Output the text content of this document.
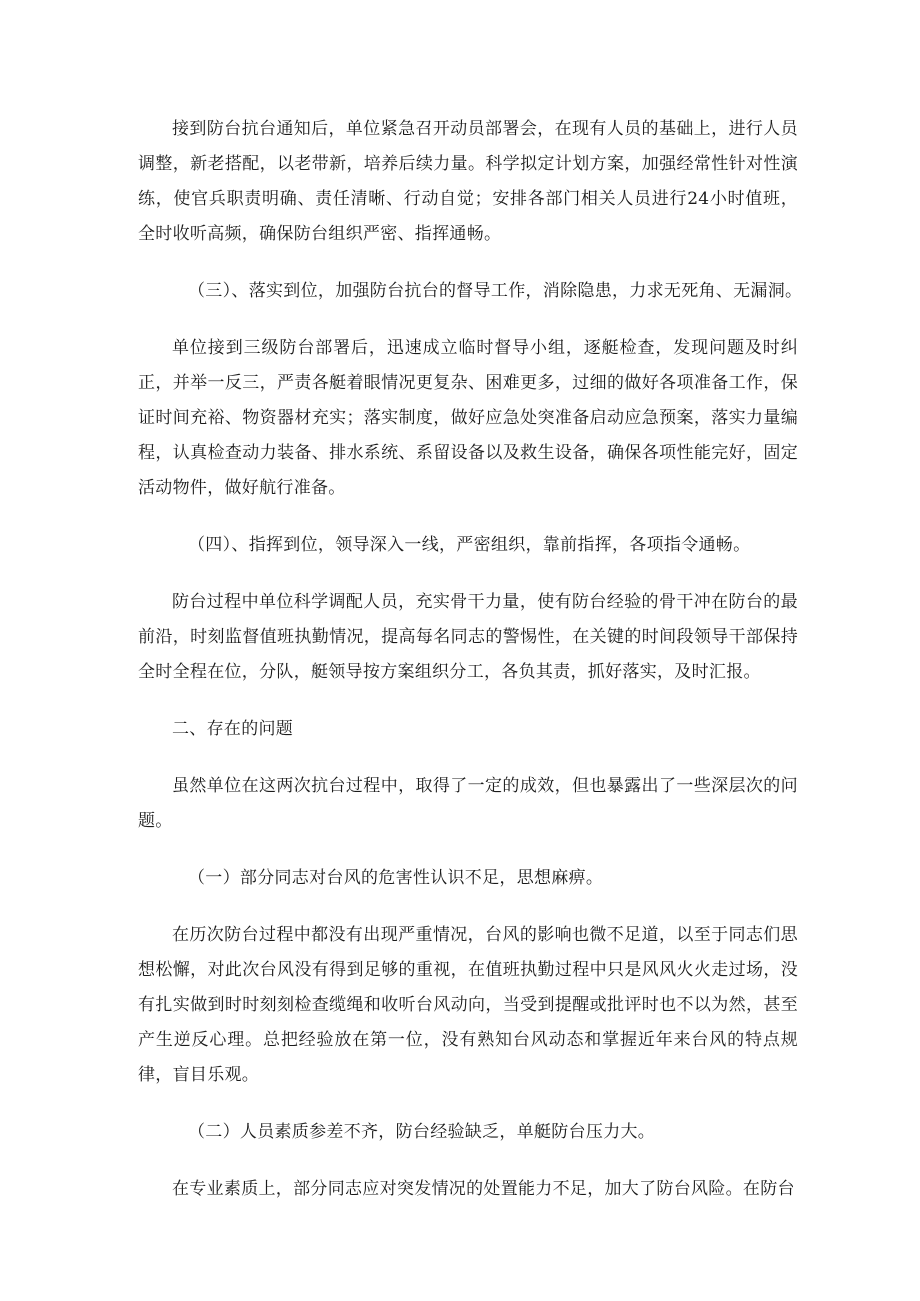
接到防台抗台通知后，单位紧急召开动员部署会，在现有人员的基础上，进行人员调整，新老搭配，以老带新，培养后续力量。科学拟定计划方案，加强经常性针对性演练，使官兵职责明确、责任清晰、行动自觉；安排各部门相关人员进行24小时值班，全时收听高频，确保防台组织严密、指挥通畅。

（三）、落实到位，加强防台抗台的督导工作，消除隐患，力求无死角、无漏洞。

单位接到三级防台部署后，迅速成立临时督导小组，逐艇检查，发现问题及时纠正，并举一反三，严责各艇着眼情况更复杂、困难更多，过细的做好各项准备工作，保证时间充裕、物资器材充实；落实制度，做好应急处突准备启动应急预案，落实力量编程，认真检查动力装备、排水系统、系留设备以及救生设备，确保各项性能完好，固定活动物件，做好航行准备。

（四）、指挥到位，领导深入一线，严密组织，靠前指挥，各项指令通畅。

防台过程中单位科学调配人员，充实骨干力量，使有防台经验的骨干冲在防台的最前沿，时刻监督值班执勤情况，提高每名同志的警惕性，在关键的时间段领导干部保持全时全程在位，分队，艇领导按方案组织分工，各负其责，抓好落实，及时汇报。

二、存在的问题

虽然单位在这两次抗台过程中，取得了一定的成效，但也暴露出了一些深层次的问题。

（一）部分同志对台风的危害性认识不足，思想麻痹。

在历次防台过程中都没有出现严重情况，台风的影响也微不足道，以至于同志们思想松懈，对此次台风没有得到足够的重视，在值班执勤过程中只是风风火火走过场，没有扎实做到时时刻刻检查缆绳和收听台风动向，当受到提醒或批评时也不以为然，甚至产生逆反心理。总把经验放在第一位，没有熟知台风动态和掌握近年来台风的特点规律，盲目乐观。

（二）人员素质参差不齐，防台经验缺乏，单艇防台压力大。

在专业素质上，部分同志应对突发情况的处置能力不足，加大了防台风险。在防台
